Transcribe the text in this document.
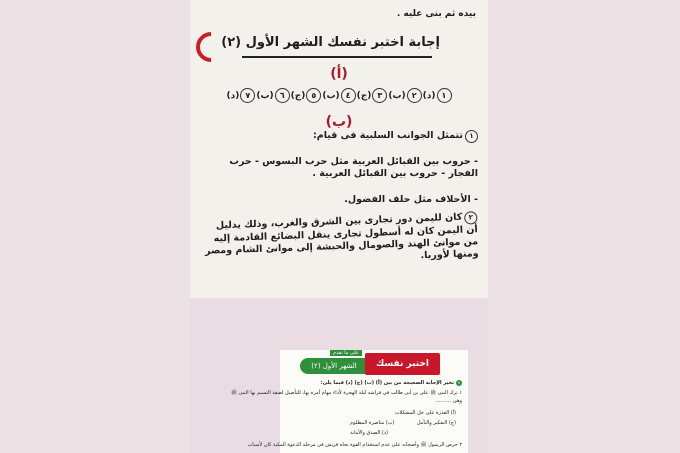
بيده ثم بنى عليه .
إجابة اختبر نفسك الشهر الأول (٢)
(أ)
١
(د)
٢
(ب)
٣
(ج)
٤
(ب)
٥
(ج)
٦
(ب)
٧
(د)
(ب)
١تتمثل الجوانب السلبية فى قيام:
- حروب بين القبائل العربية مثل حرب البسوس - حرب الفجار - حروب بين القبائل العربية .
- الأحلاف مثل حلف الفضول.
٢كان لليمن دور تجارى بين الشرق والغرب، وذلك يدليل أن اليمن كان له أسطول تجارى ينقل البضائع القادمة إليه من موانئ الهند والصومال والحبشة إلى موانئ الشام ومصر ومنها لأوربا.
الشهر الأول (٢)
على ما تقدم
اختبر نفسك
١تخير الإجابة الصحيحة من بين (أ) (ب) (ج) (د) فيما يلى:
١ ترك النبى ﷺ على بن أبى طالب فى فراشه ليلة الهجرة لأداء مهام أمره بها، للتأصيل لصفة التسيم بها النبى ﷺ
وهى ..........
(أ) القدرة على حل المشكلات
(ب) مناصرة المظلوم	(ج) التفكير والتأمل
(د) الصدق والأمانة
٢ حرص الرسول ﷺ وأصحابه على عدم استخدام القوة تجاه قريش فى مرحلة الدعوة المكية كان لأسباب
